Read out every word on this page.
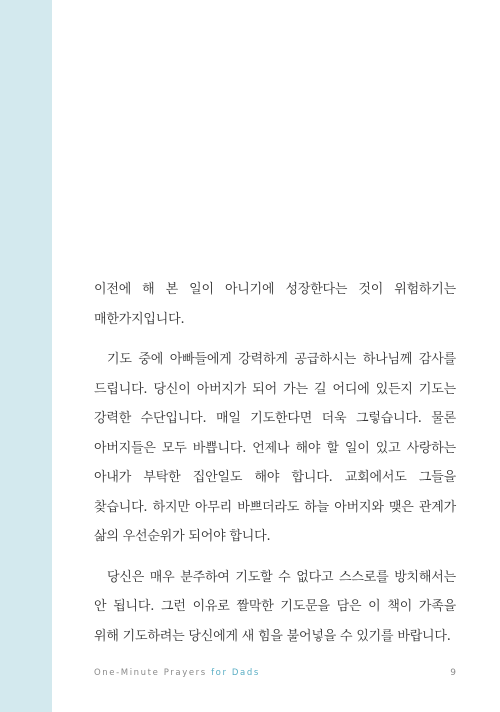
이전에 해 본 일이 아니기에 성장한다는 것이 위험하기는 매한가지입니다.

기도 중에 아빠들에게 강력하게 공급하시는 하나님께 감사를 드립니다. 당신이 아버지가 되어 가는 길 어디에 있든지 기도는 강력한 수단입니다. 매일 기도한다면 더욱 그렇습니다. 물론 아버지들은 모두 바쁩니다. 언제나 해야 할 일이 있고 사랑하는 아내가 부탁한 집안일도 해야 합니다. 교회에서도 그들을 찾습니다. 하지만 아무리 바쁘더라도 하늘 아버지와 맺은 관계가 삶의 우선순위가 되어야 합니다.

당신은 매우 분주하여 기도할 수 없다고 스스로를 방치해서는 안 됩니다. 그런 이유로 짤막한 기도문을 담은 이 책이 가족을 위해 기도하려는 당신에게 새 힘을 불어넣을 수 있기를 바랍니다.

One-Minute Prayers for Dads	9
